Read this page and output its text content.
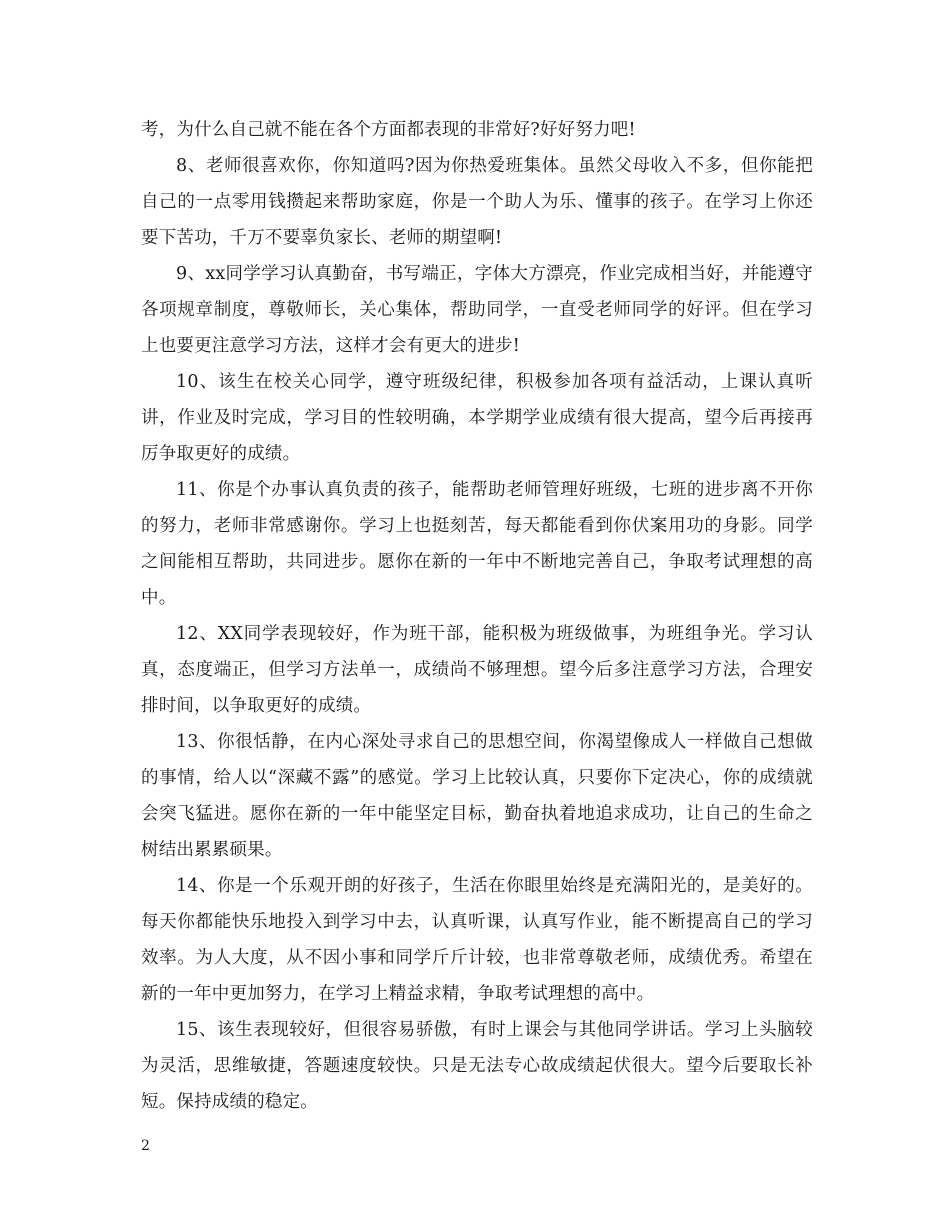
考，为什么自己就不能在各个方面都表现的非常好?好好努力吧!

8、老师很喜欢你，你知道吗?因为你热爱班集体。虽然父母收入不多，但你能把自己的一点零用钱攒起来帮助家庭，你是一个助人为乐、懂事的孩子。在学习上你还要下苦功，千万不要辜负家长、老师的期望啊!

9、xx同学学习认真勤奋，书写端正，字体大方漂亮，作业完成相当好，并能遵守各项规章制度，尊敬师长，关心集体，帮助同学，一直受老师同学的好评。但在学习上也要更注意学习方法，这样才会有更大的进步!

10、该生在校关心同学，遵守班级纪律，积极参加各项有益活动，上课认真听讲，作业及时完成，学习目的性较明确，本学期学业成绩有很大提高，望今后再接再厉争取更好的成绩。

11、你是个办事认真负责的孩子，能帮助老师管理好班级，七班的进步离不开你的努力，老师非常感谢你。学习上也挺刻苦，每天都能看到你伏案用功的身影。同学之间能相互帮助，共同进步。愿你在新的一年中不断地完善自己，争取考试理想的高中。

12、XX同学表现较好，作为班干部，能积极为班级做事，为班组争光。学习认真，态度端正，但学习方法单一，成绩尚不够理想。望今后多注意学习方法，合理安排时间，以争取更好的成绩。

13、你很恬静，在内心深处寻求自己的思想空间，你渴望像成人一样做自己想做的事情，给人以“深藏不露”的感觉。学习上比较认真，只要你下定决心，你的成绩就会突飞猛进。愿你在新的一年中能坚定目标，勤奋执着地追求成功，让自己的生命之树结出累累硕果。

14、你是一个乐观开朗的好孩子，生活在你眼里始终是充满阳光的，是美好的。每天你都能快乐地投入到学习中去，认真听课，认真写作业，能不断提高自己的学习效率。为人大度，从不因小事和同学斤斤计较，也非常尊敬老师，成绩优秀。希望在新的一年中更加努力，在学习上精益求精，争取考试理想的高中。

15、该生表现较好，但很容易骄傲，有时上课会与其他同学讲话。学习上头脑较为灵活，思维敏捷，答题速度较快。只是无法专心故成绩起伏很大。望今后要取长补短。保持成绩的稳定。

2
